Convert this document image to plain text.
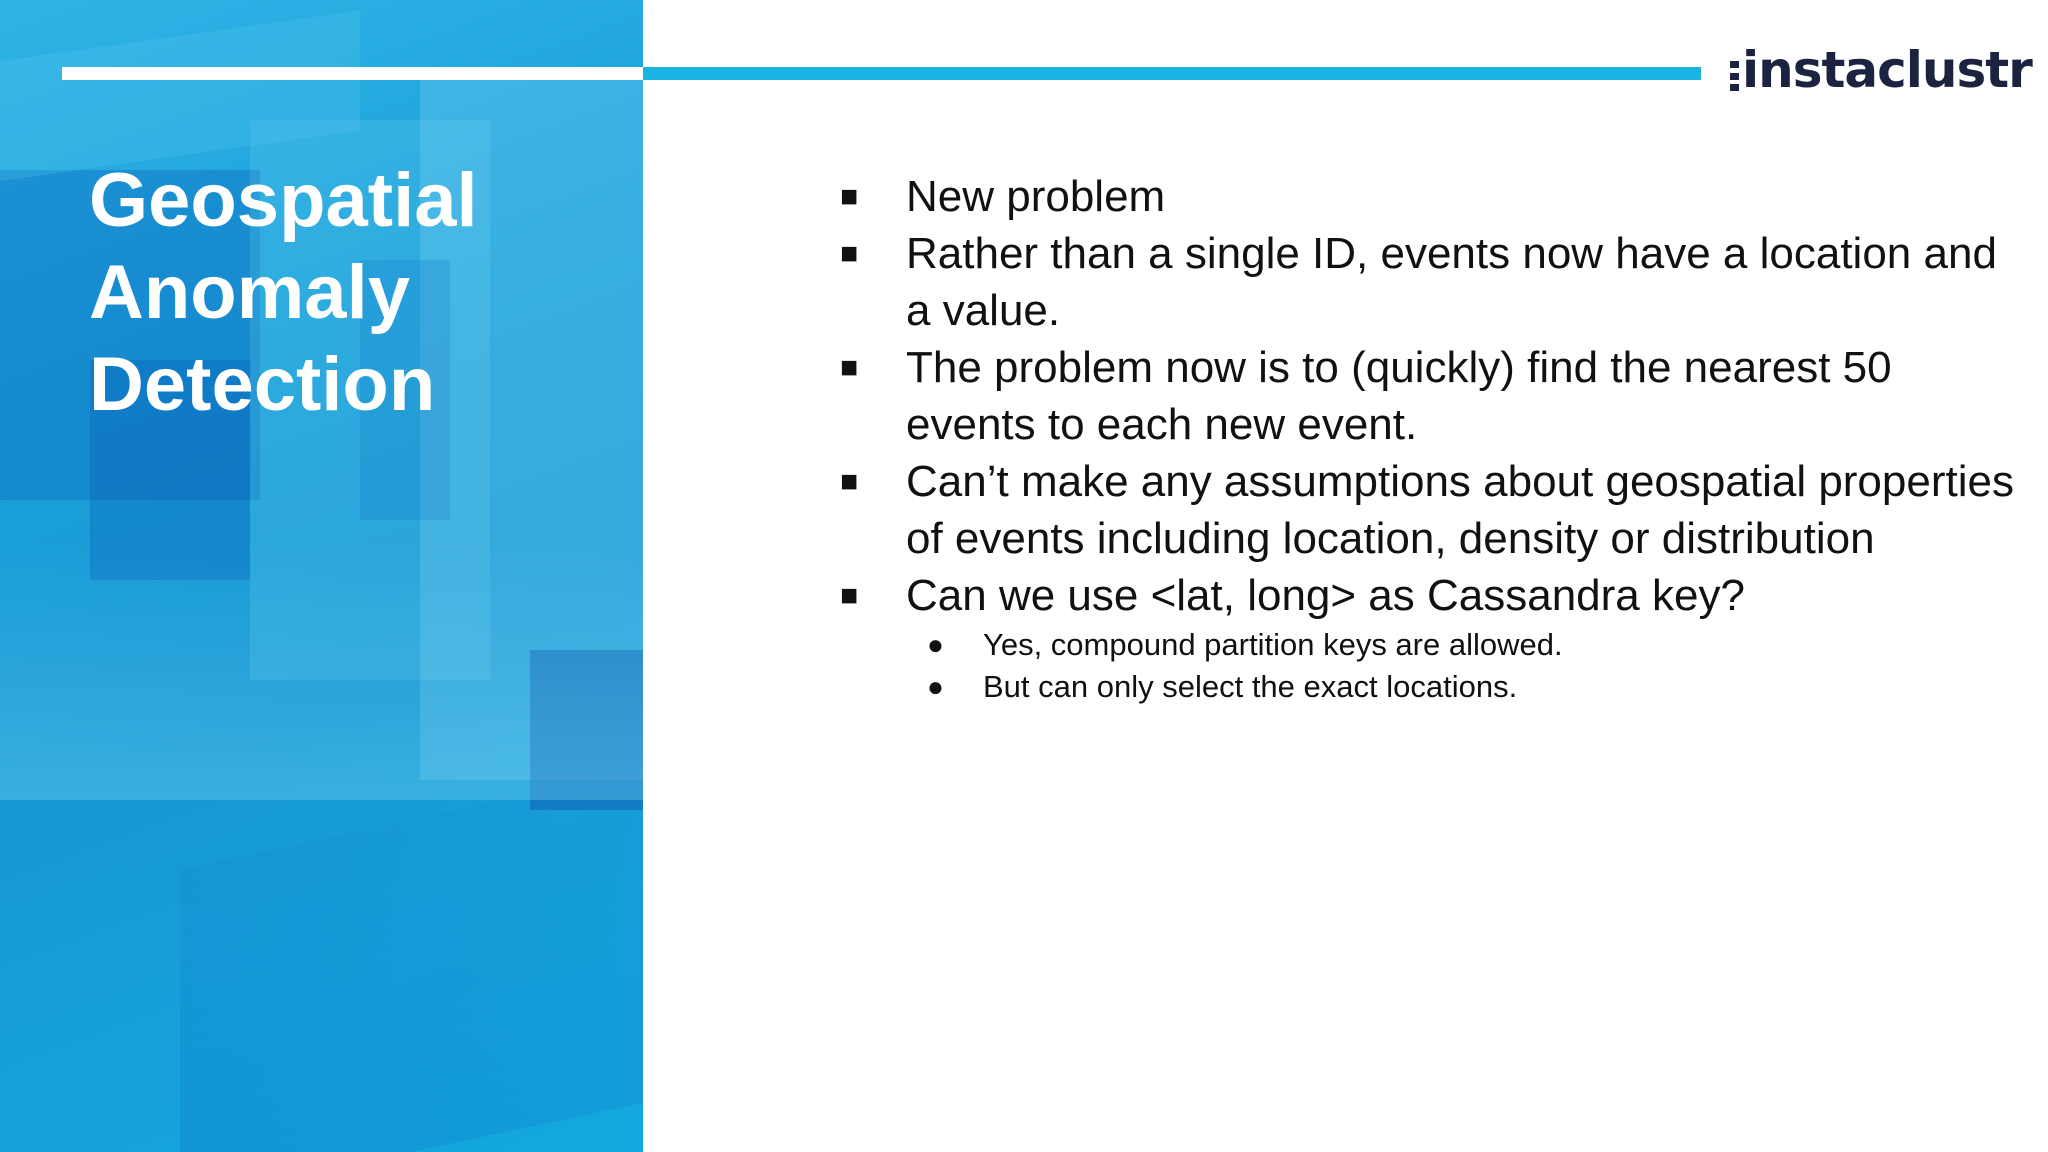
Geospatial
Anomaly
Detection
instaclustr

■ New problem

■ Rather than a single ID, events now have a location and a value.

■ The problem now is to (quickly) find the nearest 50 events to each new event.

■ Can’t make any assumptions about geospatial properties of events including location, density or distribution

■ Can we use <lat, long> as Cassandra key?

● Yes, compound partition keys are allowed.

● But can only select the exact locations.
